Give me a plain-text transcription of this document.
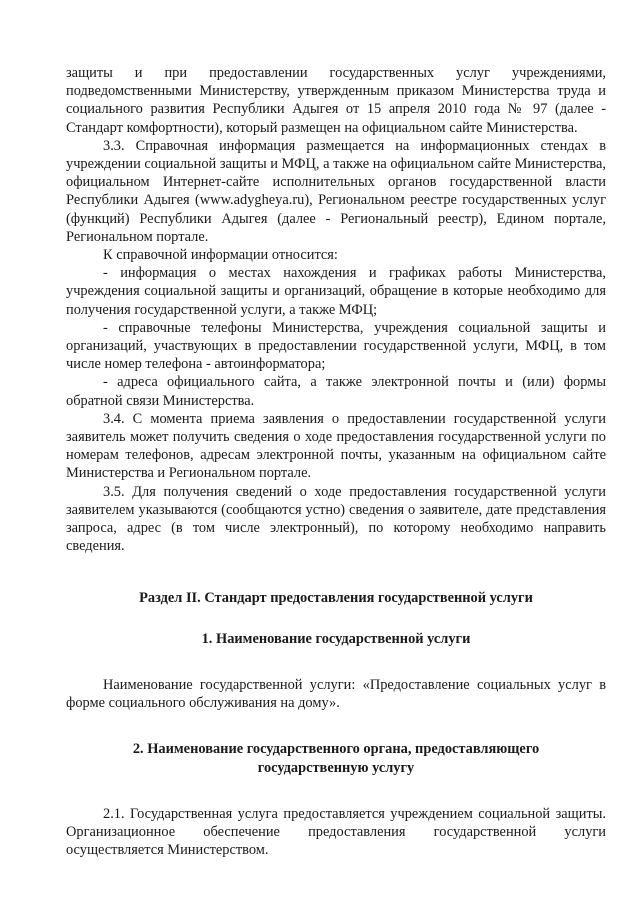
защиты и при предоставлении государственных услуг учреждениями, подведомственными Министерству, утвержденным приказом Министерства труда и социального развития Республики Адыгея от 15 апреля 2010 года № 97 (далее - Стандарт комфортности), который размещен на официальном сайте Министерства.

3.3. Справочная информация размещается на информационных стендах в учреждении социальной защиты и МФЦ, а также на официальном сайте Министерства, официальном Интернет-сайте исполнительных органов государственной власти Республики Адыгея (www.adygheya.ru), Региональном реестре государственных услуг (функций) Республики Адыгея (далее - Региональный реестр), Едином портале, Региональном портале.

К справочной информации относится:

- информация о местах нахождения и графиках работы Министерства, учреждения социальной защиты и организаций, обращение в которые необходимо для получения государственной услуги, а также МФЦ;

- справочные телефоны Министерства, учреждения социальной защиты и организаций, участвующих в предоставлении государственной услуги, МФЦ, в том числе номер телефона - автоинформатора;

- адреса официального сайта, а также электронной почты и (или) формы обратной связи Министерства.

3.4. С момента приема заявления о предоставлении государственной услуги заявитель может получить сведения о ходе предоставления государственной услуги по номерам телефонов, адресам электронной почты, указанным на официальном сайте Министерства и Региональном портале.

3.5. Для получения сведений о ходе предоставления государственной услуги заявителем указываются (сообщаются устно) сведения о заявителе, дате представления запроса, адрес (в том числе электронный), по которому необходимо направить сведения.

Раздел II. Стандарт предоставления государственной услуги

1. Наименование государственной услуги

Наименование государственной услуги: «Предоставление социальных услуг в форме социального обслуживания на дому».

2. Наименование государственного органа, предоставляющего

государственную услугу

2.1. Государственная услуга предоставляется учреждением социальной защиты. Организационное обеспечение предоставления государственной услуги осуществляется Министерством.
